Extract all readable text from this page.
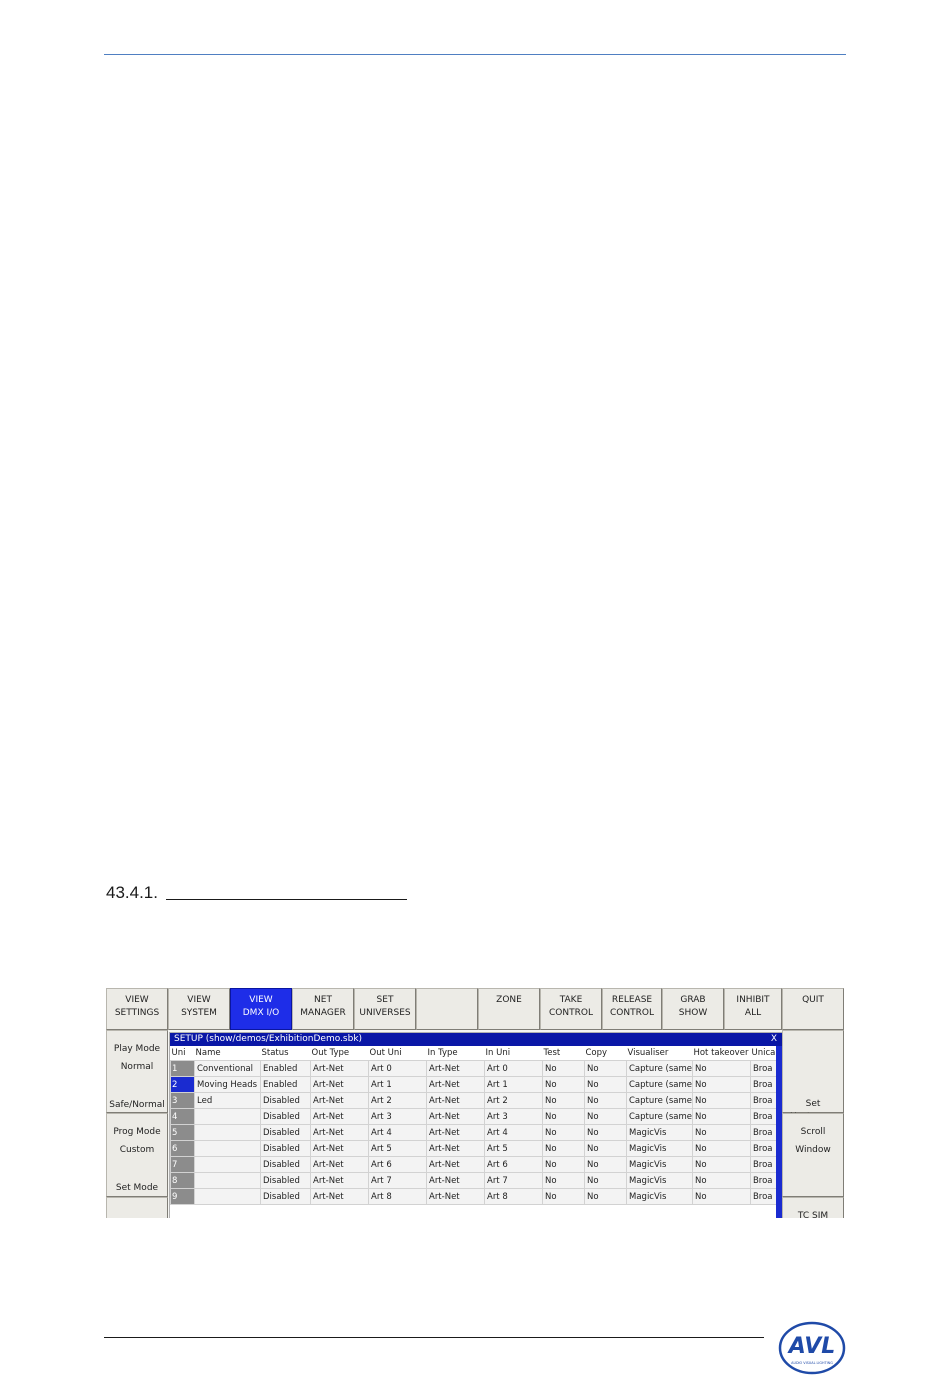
43.4.1.
VIEW
SETTINGS
VIEW
SYSTEM
VIEW
DMX I/O
NET
MANAGER
SET
UNIVERSES
ZONE	TAKE
CONTROL
RELEASE
CONTROL
GRAB
SHOW
INHIBIT
ALL
QUIT
Play Mode
Normal
Safe/Normal
Prog Mode
Custom
Set Mode
SETUP (show/demos/ExhibitionDemo.sbk)	X
Uni	Name	Status	Out Type	Out Uni	In Type	In Uni	Test	Copy	Visualiser	Hot takeover	Unica
1	Conventional	Enabled	Art-Net	Art 0	Art-Net	Art 0	No	No	Capture (same	No	Broa
2	Moving Heads	Enabled	Art-Net	Art 1	Art-Net	Art 1	No	No	Capture (same	No	Broa
3	Led	Disabled	Art-Net	Art 2	Art-Net	Art 2	No	No	Capture (same	No	Broa
4		Disabled	Art-Net	Art 3	Art-Net	Art 3	No	No	Capture (same	No	Broa
5		Disabled	Art-Net	Art 4	Art-Net	Art 4	No	No	MagicVis	No	Broa
6		Disabled	Art-Net	Art 5	Art-Net	Art 5	No	No	MagicVis	No	Broa
7		Disabled	Art-Net	Art 6	Art-Net	Art 6	No	No	MagicVis	No	Broa
8		Disabled	Art-Net	Art 7	Art-Net	Art 7	No	No	MagicVis	No	Broa
9		Disabled	Art-Net	Art 8	Art-Net	Art 8	No	No	MagicVis	No	Broa
Set
Scroll
Window
TC SIM
AVL
AUDIO VISUAL LIGHTING
